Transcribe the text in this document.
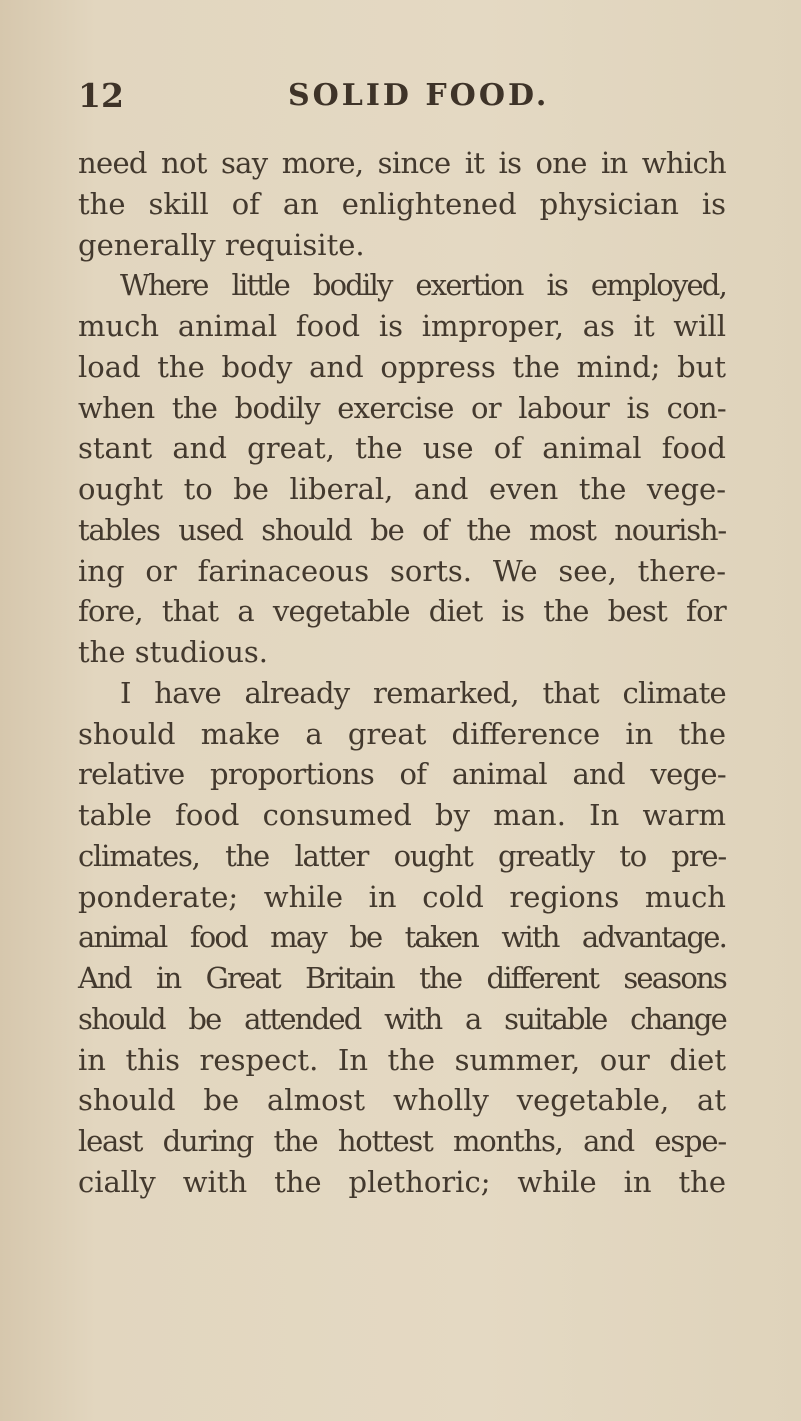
12	SOLID FOOD.
need not say more, since it is one in which
the skill of an enlightened physician is
generally requisite.
Where little bodily exertion is employed,
much animal food is improper, as it will
load the body and oppress the mind; but
when the bodily exercise or labour is con-
stant and great, the use of animal food
ought to be liberal, and even the vege-
tables used should be of the most nourish-
ing or farinaceous sorts. We see, there-
fore, that a vegetable diet is the best for
the studious.
I have already remarked, that climate
should make a great difference in the
relative proportions of animal and vege-
table food consumed by man. In warm
climates, the latter ought greatly to pre-
ponderate; while in cold regions much
animal food may be taken with advantage.
And in Great Britain the different seasons
should be attended with a suitable change
in this respect. In the summer, our diet
should be almost wholly vegetable, at
least during the hottest months, and espe-
cially with the plethoric; while in the
